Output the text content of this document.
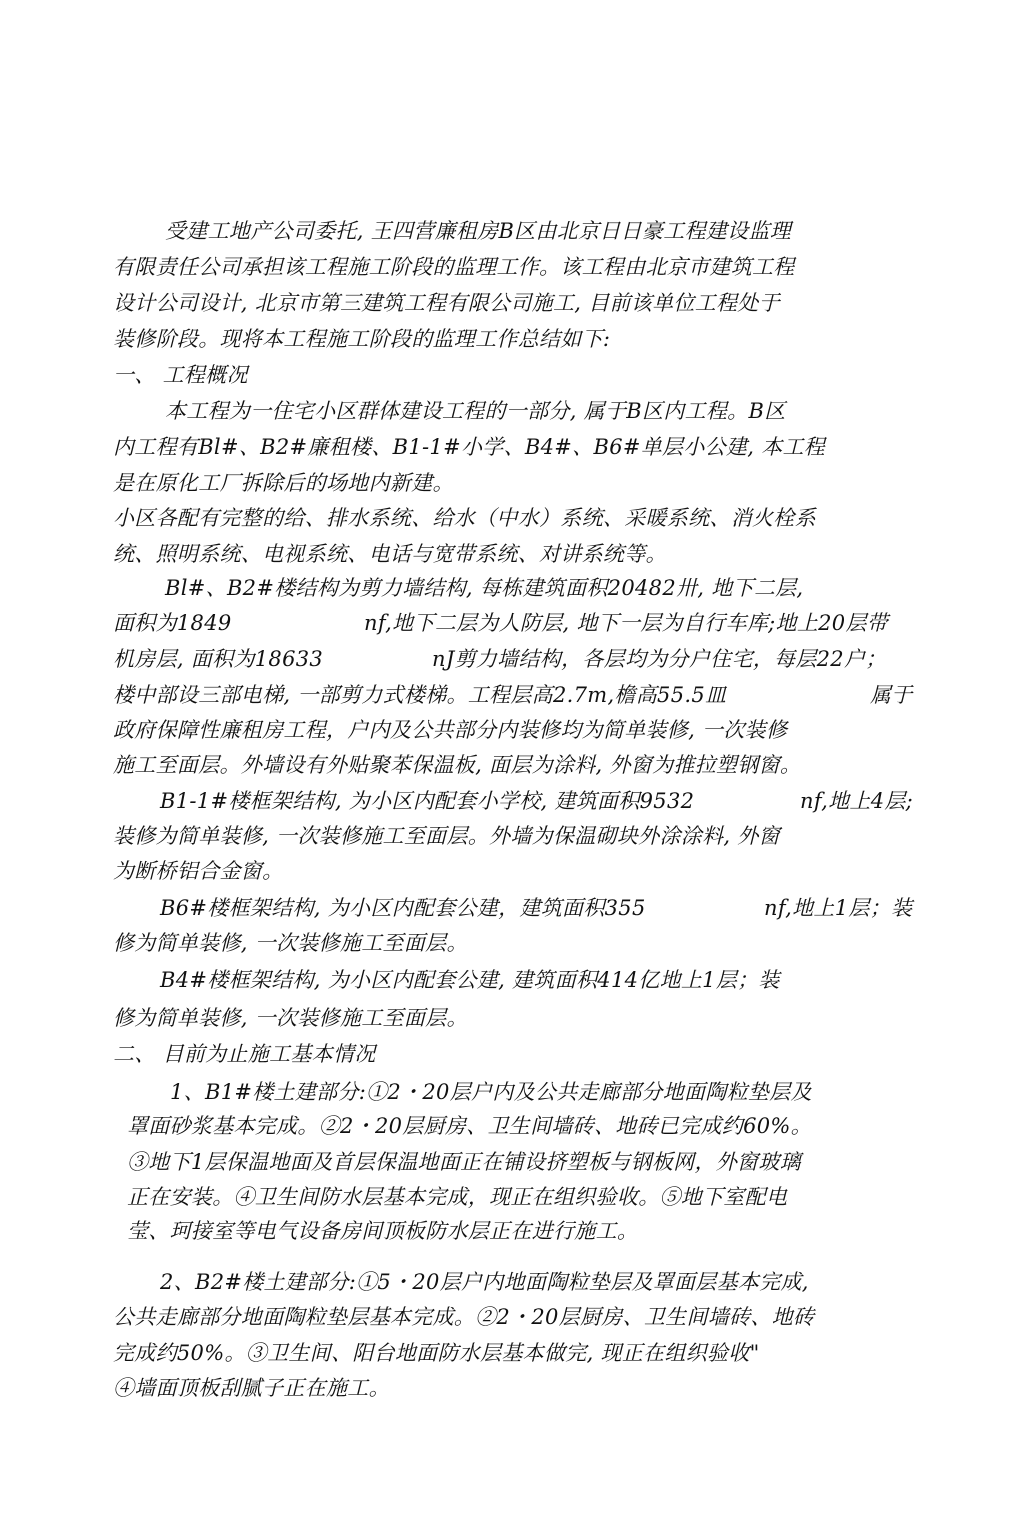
受建工地产公司委托, 王四营廉租房B区由北京日日豪工程建设监理
有限责任公司承担该工程施工阶段的监理工作。该工程由北京市建筑工程
设计公司设计, 北京市第三建筑工程有限公司施工, 目前该单位工程处于
装修阶段。现将本工程施工阶段的监理工作总结如下:
一、 工程概况
本工程为一住宅小区群体建设工程的一部分, 属于B区内工程。B区
内工程有Bl#、B2#廉租楼、B1-1#小学、B4#、B6#单层小公建, 本工程
是在原化工厂拆除后的场地内新建。
小区各配有完整的给、排水系统、给水（中水）系统、采暖系统、消火栓系
统、照明系统、电视系统、电话与宽带系统、对讲系统等。
Bl#、B2#楼结构为剪力墙结构, 每栋建筑面积20482卅, 地下二层,
面积为1849	nf,地下二层为人防层, 地下一层为自行车库;地上20层带
机房层, 面积为18633	nJ剪力墙结构，各层均为分户住宅，每层22户；
楼中部设三部电梯, 一部剪力式楼梯。工程层高2.7m,檐高55.5皿	属于
政府保障性廉租房工程，户内及公共部分内装修均为简单装修, 一次装修
施工至面层。外墙设有外贴聚苯保温板, 面层为涂料, 外窗为推拉塑钢窗。
B1-1#楼框架结构, 为小区内配套小学校, 建筑面积9532	nf,地上4层;
装修为简单装修, 一次装修施工至面层。外墙为保温砌块外涂涂料, 外窗
为断桥铝合金窗。
B6#楼框架结构, 为小区内配套公建，建筑面积355	nf,地上1层；装
修为简单装修, 一次装修施工至面层。
B4#楼框架结构, 为小区内配套公建, 建筑面积414亿地上1层；装
修为简单装修, 一次装修施工至面层。
二、 目前为止施工基本情况
1、B1#楼土建部分:①2・20层户内及公共走廊部分地面陶粒垫层及
罩面砂浆基本完成。②2・20层厨房、卫生间墙砖、地砖已完成约60%。
③地下1层保温地面及首层保温地面正在铺设挤塑板与钢板网，外窗玻璃
正在安装。④卫生间防水层基本完成，现正在组织验收。⑤地下室配电
莹、珂接室等电气设备房间顶板防水层正在进行施工。
2、B2#楼土建部分:①5・20层户内地面陶粒垫层及罩面层基本完成,
公共走廊部分地面陶粒垫层基本完成。②2・20层厨房、卫生间墙砖、地砖
完成约50%。③卫生间、阳台地面防水层基本做完, 现正在组织验收"
④墙面顶板刮腻子正在施工。
